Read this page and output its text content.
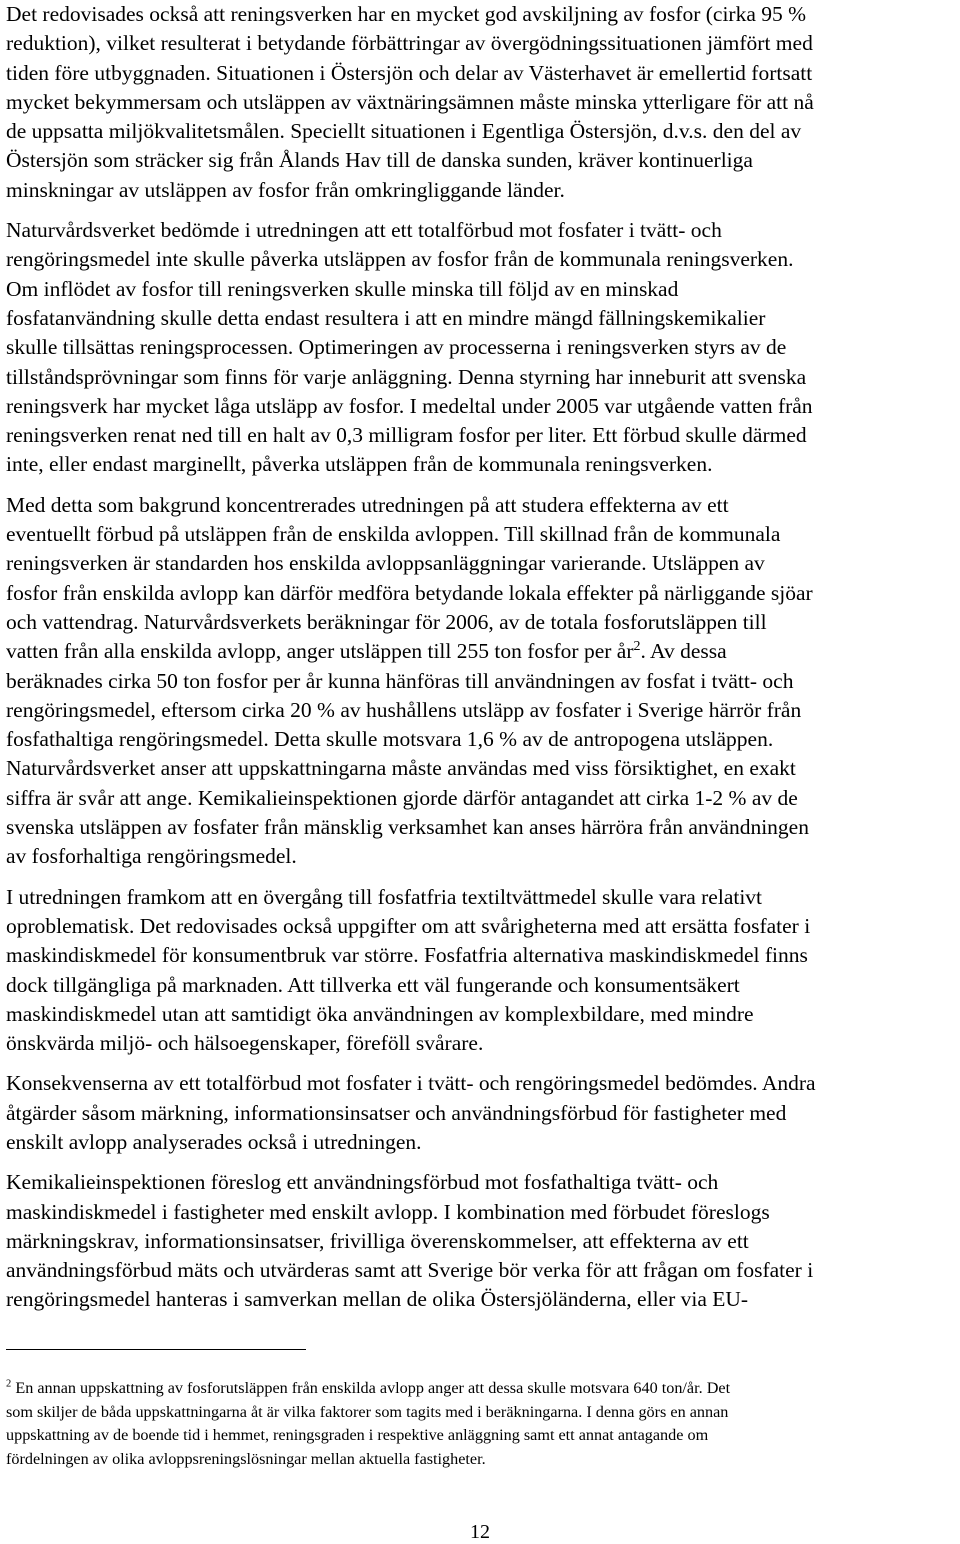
Det redovisades också att reningsverken har en mycket god avskiljning av fosfor (cirka 95 %
reduktion), vilket resulterat i betydande förbättringar av övergödningssituationen jämfört med
tiden före utbyggnaden. Situationen i Östersjön och delar av Västerhavet är emellertid fortsatt
mycket bekymmersam och utsläppen av växtnäringsämnen måste minska ytterligare för att nå
de uppsatta miljökvalitetsmålen. Speciellt situationen i Egentliga Östersjön, d.v.s. den del av
Östersjön som sträcker sig från Ålands Hav till de danska sunden, kräver kontinuerliga
minskningar av utsläppen av fosfor från omkringliggande länder.

Naturvårdsverket bedömde i utredningen att ett totalförbud mot fosfater i tvätt- och
rengöringsmedel inte skulle påverka utsläppen av fosfor från de kommunala reningsverken.
Om inflödet av fosfor till reningsverken skulle minska till följd av en minskad
fosfatanvändning skulle detta endast resultera i att en mindre mängd fällningskemikalier
skulle tillsättas reningsprocessen. Optimeringen av processerna i reningsverken styrs av de
tillståndsprövningar som finns för varje anläggning. Denna styrning har inneburit att svenska
reningsverk har mycket låga utsläpp av fosfor. I medeltal under 2005 var utgående vatten från
reningsverken renat ned till en halt av 0,3 milligram fosfor per liter. Ett förbud skulle därmed
inte, eller endast marginellt, påverka utsläppen från de kommunala reningsverken.

Med detta som bakgrund koncentrerades utredningen på att studera effekterna av ett
eventuellt förbud på utsläppen från de enskilda avloppen. Till skillnad från de kommunala
reningsverken är standarden hos enskilda avloppsanläggningar varierande. Utsläppen av
fosfor från enskilda avlopp kan därför medföra betydande lokala effekter på närliggande sjöar
och vattendrag. Naturvårdsverkets beräkningar för 2006, av de totala fosforutsläppen till
vatten från alla enskilda avlopp, anger utsläppen till 255 ton fosfor per $år^2$. Av dessa
beräknades cirka 50 ton fosfor per år kunna hänföras till användningen av fosfat i tvätt- och
rengöringsmedel, eftersom cirka 20 % av hushållens utsläpp av fosfater i Sverige härrör från
fosfathaltiga rengöringsmedel. Detta skulle motsvara 1,6 % av de antropogena utsläppen.
Naturvårdsverket anser att uppskattningarna måste användas med viss försiktighet, en exakt
siffra är svår att ange. Kemikalieinspektionen gjorde därför antagandet att cirka 1-2 % av de
svenska utsläppen av fosfater från mänsklig verksamhet kan anses härröra från användningen
av fosforhaltiga rengöringsmedel.

I utredningen framkom att en övergång till fosfatfria textiltvättmedel skulle vara relativt
oproblematisk. Det redovisades också uppgifter om att svårigheterna med att ersätta fosfater i
maskindiskmedel för konsumentbruk var större. Fosfatfria alternativa maskindiskmedel finns
dock tillgängliga på marknaden. Att tillverka ett väl fungerande och konsumentsäkert
maskindiskmedel utan att samtidigt öka användningen av komplexbildare, med mindre
önskvärda miljö- och hälsoegenskaper, föreföll svårare.

Konsekvenserna av ett totalförbud mot fosfater i tvätt- och rengöringsmedel bedömdes. Andra
åtgärder såsom märkning, informationsinsatser och användningsförbud för fastigheter med
enskilt avlopp analyserades också i utredningen.

Kemikalieinspektionen föreslog ett användningsförbud mot fosfathaltiga tvätt- och
maskindiskmedel i fastigheter med enskilt avlopp. I kombination med förbudet föreslogs
märkningskrav, informationsinsatser, frivilliga överenskommelser, att effekterna av ett
användningsförbud mäts och utvärderas samt att Sverige bör verka för att frågan om fosfater i
rengöringsmedel hanteras i samverkan mellan de olika Östersjöländerna, eller via EU-

$^2$ En annan uppskattning av fosforutsläppen från enskilda avlopp anger att dessa skulle motsvara 640 ton/år. Det
som skiljer de båda uppskattningarna åt är vilka faktorer som tagits med i beräkningarna. I denna görs en annan
uppskattning av de boende tid i hemmet, reningsgraden i respektive anläggning samt ett annat antagande om
fördelningen av olika avloppsreningslösningar mellan aktuella fastigheter.
12
